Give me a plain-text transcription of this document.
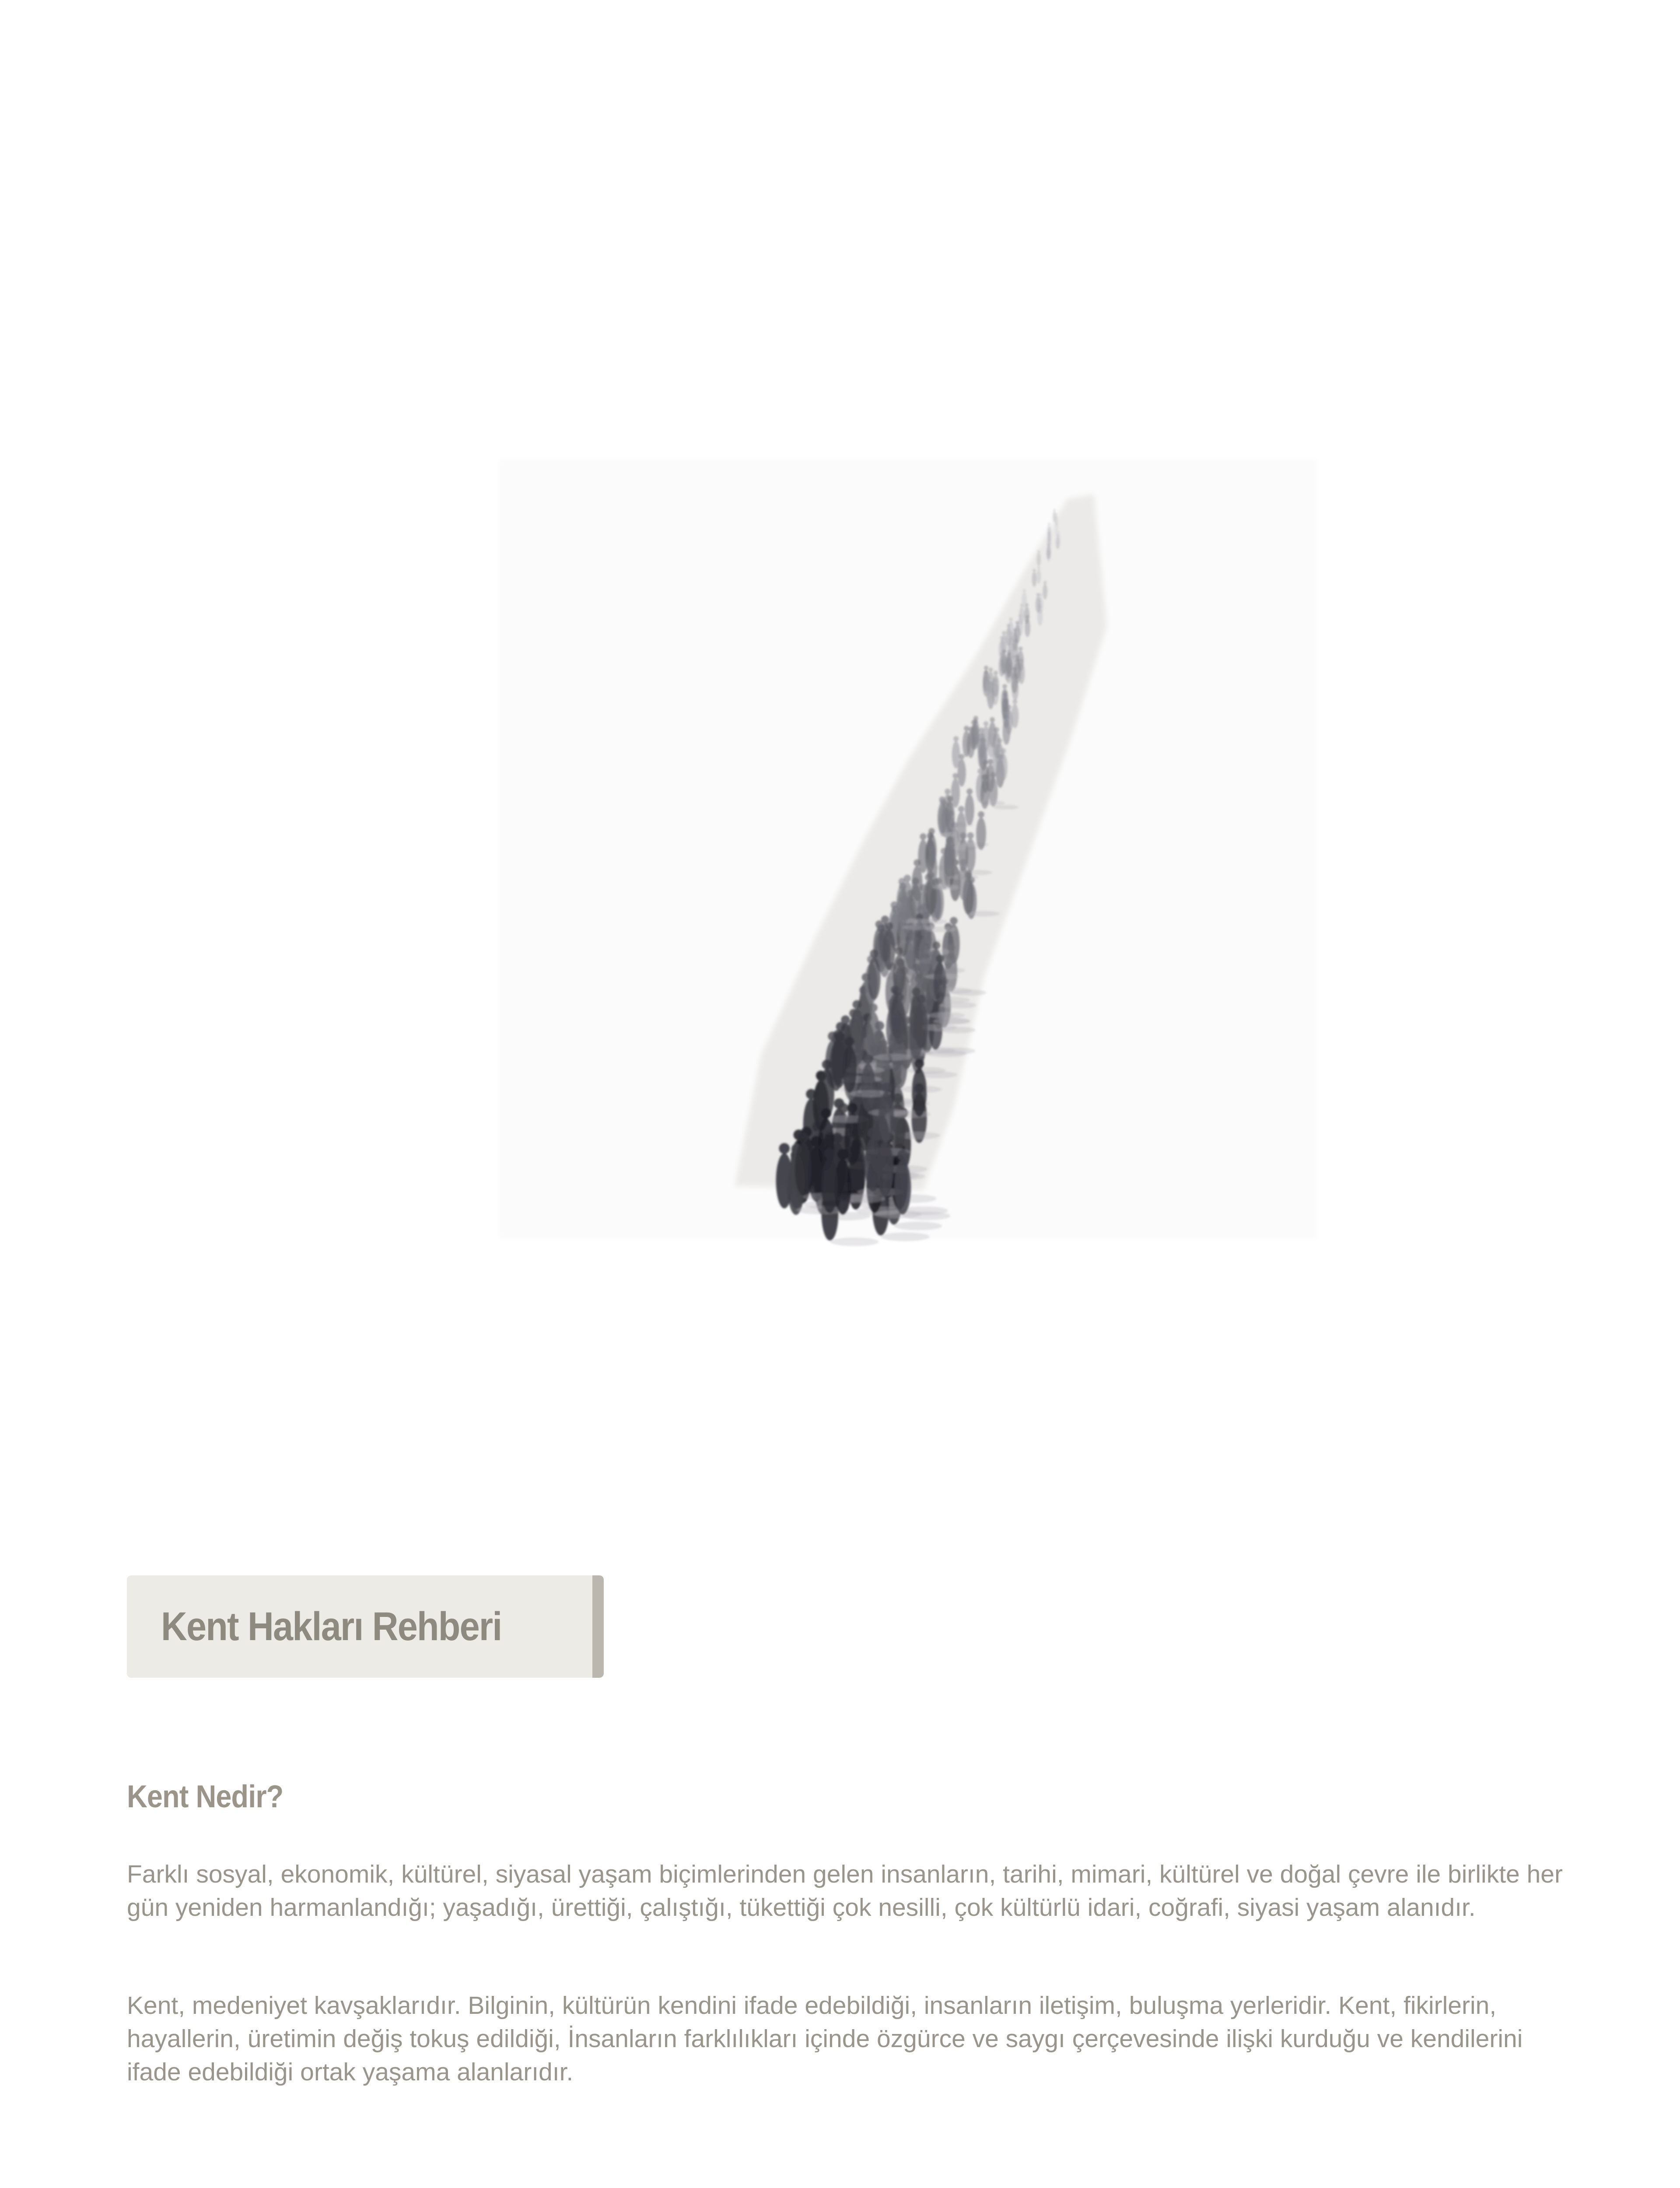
Kent Hakları Rehberi
Kent Nedir?

Farklı sosyal, ekonomik, kültürel, siyasal yaşam biçimlerinden gelen insanların, tarihi, mimari, kültürel ve doğal çevre ile birlikte her gün yeniden harmanlandığı; yaşadığı, ürettiği, çalıştığı, tükettiği çok nesilli, çok kültürlü idari, coğrafi, siyasi yaşam alanıdır.

Kent, medeniyet kavşaklarıdır. Bilginin, kültürün kendini ifade edebildiği, insanların iletişim, buluşma yerleridir. Kent, fikirlerin, hayallerin, üretimin değiş tokuş edildiği, İnsanların farklılıkları içinde özgürce ve saygı çerçevesinde ilişki kurduğu ve kendilerini ifade edebildiği ortak yaşama alanlarıdır.
